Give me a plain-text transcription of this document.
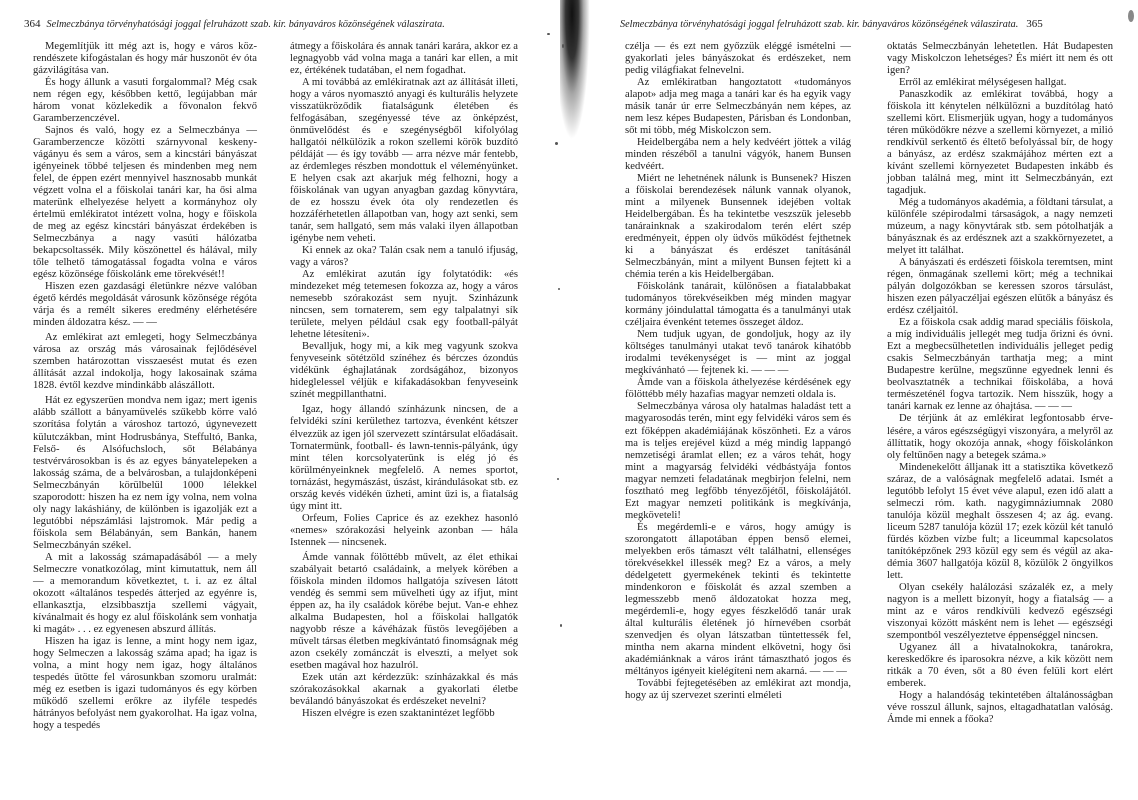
364 Selmeczbánya törvényhatósági joggal felruházott szab. kir. bányaváros közönségének válasziratа.

Megemlítjük itt még azt is, hogy e város közrendészete kifogástalan és hogy már huszonöt év óta gázvilágítása van.

És hogy állunk a vasuti forgalommal? Még csak nem régen egy, későbben kettő, legújabban már három vonat közlekedik a fővonalon fekvő Garamberzenczével.

Sajnos és való, hogy ez a Selmeczbánya — Garamberzencze közötti szárnyvonal keskenyvágányu és sem a város, sem a kincstári bányászat igényeinek többé teljesen és mindenben meg nem felel, de éppen ezért mennyivel hasznosabb munkát végzett volna el a főiskolai tanári kar, ha ősi alma materünk elhelyezése helyett a kormányhoz oly értelmü emlékiratot intézett volna, hogy e főiskola de meg az egész kincstári bányászat érdekében is Selmeczbánya a nagy vasúti hálózatba bekapcsoltassék. Mily köszönettel és hálával, mily tőle telhető támogatással fogadta volna e város egész közönsége főiskolánk eme törekvését!!

Hiszen ezen gazdasági életünkre nézve valóban égető kérdés megoldását városunk közönsége régóta várja és a remélt sikeres eredmény elérhetésére minden áldozatra kész. — —

Az emlékirat azt emlegeti, hogy Selmeczbánya városa az ország más városainak fejlődésével szemben határozottan visszaesést mutat és ezen állítását azzal indokolja, hogy lakosainak száma 1828. évtől kezdve mindinkább alászállott.

Hát ez egyszerüen mondva nem igaz; mert igenis alább szállott a bányamüvelés szűkebb körre való szorítása folytán a városhoz tartozó, úgynevezett külutczákban, mint Hodrusbánya, Steffultó, Banka, Felső- és Alsófuchsloch, sőt Bélabánya testvérvárosokban is és az egyes bányatelepeken a lakosság száma, de a belvárosban, a tulajdonképeni Selmeczbányán körülbelül 1000 lélekkel szaporodott: hiszen ha ez nem így volna, nem volna oly nagy lakáshiány, de különben is igazolják ezt a legutóbbi népszámlási lajstromok. Már pedig a főiskola sem Bélabányán, sem Bankán, hanem Selmeczbányán székel.

A mit a lakosság számapadásából — a mely Selmeczre vonatkozólag, mint kimutattuk, nem áll — a memorandum következtet, t. i. az ez által okozott «általános tespedés átterjed az egyénre is, ellankasztja, elzsibbasztja szellemi vágyait, kívánalmait és hogy ez alul főiskolánk sem vonhatja ki magát» . . . ez egyenesen abszurd állítás.

Hiszen ha igaz is lenne, a mint hogy nem igaz, hogy Selmeczen a lakosság száma apad; ha igaz is volna, a mint hogy nem igaz, hogy általános tespedés ütötte fel városunkban szomoru uralmát: még ez esetben is igazi tudományos és egy körben működő szellemi erőkre az ilyféle tespedés hátrányos befolyást nem gyakorolhat. Ha igaz volna, hogy a tespedés

átmegy a főiskolára és annak tanári karára, akkor ez a legnagyobb vád volna maga a tanári kar ellen, a mit ez, értékének tudatában, el nem fogadhat.

A mi továbbá az emlékiratnak azt az állítását illeti, hogy a város nyomasztó anyagi és kulturális helyzete visszatükröződik fiatalságunk életében és felfogásában, szegényessé téve az önképzést, önművelődést és e szegénységből kifolyólag hallgatói nélkülözik a rokon szellemi körök buzdító példáját — és így tovább — arra nézve már fentebb, az érdemleges részben mondottuk el véleményünket. E helyen csak azt akarjuk még felhozni, hogy a főiskolának van ugyan anyagban gazdag könyvtára, de ez hosszu évek óta oly rendezetlen és hozzáférhetetlen állapotban van, hogy azt senki, sem tanár, sem hallgató, sem más valaki ilyen állapotban igénybe nem veheti.

Ki ennek az oka? Talán csak nem a tanuló ifjuság, vagy a város?

Az emlékirat azután így folytatódik: «és mindezeket még tetemesen fokozza az, hogy a város nemesebb szórakozást sem nyujt. Szinházunk nincsen, sem tornaterem, sem egy talpalatnyi sík területe, melyen például csak egy football-pályát lehetne létesíteni».

Bevalljuk, hogy mi, a kik meg vagyunk szokva fenyveseink sötétzöld színéhez és bérczes ózondús vidékünk éghajlatának zordságához, bizonyos hideglelessel véljük e kifakadásokban fenyveseink színét megpillanthatni.

Igaz, hogy állandó színházunk nincsen, de a felvidéki színi kerülethez tartozva, évenként kétszer élvezzük az igen jól szervezett színtársulat előadásait. Tornatermünk, football- és lawn-tennis-pályánk, úgy mint télen korcsolyaterünk is elég jó és körülményeinknek megfelelő. A nemes sportot, tornázást, hegymászást, úszást, kirándulásokat stb. ez ország kevés vidékén űzheti, amint űzi is, a fiatalság úgy mint itt.

Orfeum, Folies Caprice és az ezekhez hasonló «nemes» szórakozási helyeink azonban — hála Istennek — nincsenek.

Ámde vannak fölöttébb művelt, az élet ethikai szabályait betartó családaink, a melyek körében a főiskola minden ildomos hallgatója szívesen látott vendég és semmi sem művelheti úgy az ifjut, mint éppen az, ha ily családok körébe bejut. Van-e ehhez alkalma Budapesten, hol a főiskolai hallgatók nagyobb része a kávéházak füstös levegőjében a művelt társas életben megkívántató finomságnak még azon csekély zománczát is elveszti, a melyet sok esetben magával hoz hazulról.

Ezek után azt kérdezzük: színházakkal és más szórakozásokkal akarnak a gyakorlati életbe beválandó bányászokat és erdészeket nevelni?

Hiszen elvégre is ezen szaktanintézet legfőbb

Selmeczbánya törvényhatósági joggal felruházott szab. kir. bányaváros közönségének válasziratа. 365

czélja — és ezt nem győzzük eléggé ismételni — gyakorlati jeles bányászokat és erdészeket, nem pedig világfiakat felnevelni.

Az emlékiratban hangoztatott «tudományos alapot» adja meg maga a tanári kar és ha egyik vagy másik tanár úr erre Selmeczbányán nem képes, az nem lesz képes Budapesten, Párisban és Londonban, sőt mi több, még Miskolczon sem.

Heidelbergába nem a hely kedvéért jöttek a világ minden részéből a tanulni vágyók, hanem Bunsen kedvéért.

Miért ne lehetnének nálunk is Bunsenek? Hiszen a főiskolai berendezések nálunk vannak olyanok, mint a milyenek Bunsennek idejében voltak Heidelbergában. És ha tekintetbe veszszük jelesebb tanárainknak a szakirodalom terén elért szép eredményeit, éppen oly üdvös működést fejthetnek ki a bányászat és erdészet tanításánál Selmeczbányán, mint a milyent Bunsen fejtett ki a chémia terén a kis Heidelbergában.

Főiskolánk tanárait, különösen a fiatalabbakat tudományos törekvéseikben még minden magyar kormány jóindulattal támogatta és a tanulmányi utak czéljaira évenként tetemes összeget áldoz.

Nem tudjuk ugyan, de gondoljuk, hogy az ily költséges tanulmányi utakat tevő tanárok kihatóbb irodalmi tevékenységet is — mint az joggal megkívánható — fejtenek ki. — — —

Ámde van a főiskola áthelyezése kérdésének egy fölöttébb mély hazafias magyar nemzeti oldala is.

Selmeczbánya városa oly hatalmas haladást tett a magyarosodás terén, mint egy felvidéki város sem és ezt főképpen akadémiájának köszönheti. Ez a város ma is teljes erejével küzd a még mindig lappangó nemzetiségi áramlat ellen; ez a város tehát, hogy mint a magyarság felvidéki védbástyája fontos magyar nemzeti feladatának megbirjon felelni, nem fosztható meg legfőbb tényezőjétől, főiskolájától. Ezt magyar nemzeti politikánk is megkívánja, megköveteli!

És megérdemli-e e város, hogy amúgy is szorongatott állapotában éppen benső elemei, melyekben erős támaszt vélt találhatni, ellenséges törekvésekkel illessék meg? Ez a város, a mely dédelgetett gyermekének tekinti és tekintette mindenkoron e főiskolát és azzal szemben a legmesszebb menő áldozatokat hozza meg, megérdemli-e, hogy egyes fészkelődő tanár urak által kulturális életének jó hírnevében csorbát szenvedjen és olyan látszatban tüntettessék fel, mintha nem akarna mindent elkövetni, hogy ősi akadémiánknak a város iránt támasztható jogos és méltányos igényeit kielégíteni nem akarná. — — —

További fejtegetésében az emlékirat azt mondja, hogy az új szervezet szerinti elméleti

oktatás Selmeczbányán lehetetlen. Hát Budapesten vagy Miskolczon lehetséges? És miért itt nem és ott igen?

Erről az emlékirat mélységesen hallgat.

Panaszkodik az emlékirat továbbá, hogy a főiskola itt kénytelen nélkülözni a buzdítólag ható szellemi kört. Elismerjük ugyan, hogy a tudományos téren működőkre nézve a szellemi környezet, a milió rendkívül serkentő és éltető befolyással bír, de hogy a bányász, az erdész szakmájához mérten ezt a kívánt szellemi környezetet Budapesten inkább és jobban találná meg, mint itt Selmeczbányán, ezt tagadjuk.

Még a tudományos akadémia, a földtani társulat, a különféle szépirodalmi társaságok, a nagy nemzeti múzeum, a nagy könyvtárak stb. sem pótolhatják a bányásznak és az erdésznek azt a szakkörnyezetet, a melyet itt találhat.

A bányászati és erdészeti főiskola teremtsen, mint régen, önmagának szellemi kört; még a technikai pályán dolgozókban se keressen szoros társulást, hiszen ezen pályaczéljai egészen elütők a bányász és erdész czéljaitól.

Ez a főiskola csak addig marad speciális főiskola, a míg individuális jellegét meg tudja őrizni és óvni. Ezt a megbecsülhetetlen individuális jelleget pedig csakis Selmeczbányán tarthatja meg; a mint Budapestre kerülne, megszűnne egyednek lenni és beolvasztatnék a technikai főiskolába, a hová természeténél fogva tartozik. Nem hisszük, hogy a tanári karnak ez lenne az óhajtása. — — —

De térjünk át az emlékirat legfontosabb érvelésére, a város egészségügyi viszonyára, a melyről az állíttatik, hogy okozója annak, «hogy főiskolánkon oly feltűnően nagy a betegek száma.»

Mindenekelőtt álljanak itt a statisztika következő száraz, de a valóságnak megfelelő adatai. Ismét a legutóbb lefolyt 15 évet véve alapul, ezen idő alatt a selmeczi róm. kath. nagygimnáziumnak 2080 tanulója közül meghalt összesen 4; az ág. evang. liceum 5287 tanulója közül 17; ezek közül két tanuló fürdés közben vízbe fult; a liceummal kapcsolatos tanítóképzőnek 293 közül egy sem és végül az akadémia 3607 hallgatója közül 8, közülök 2 öngyilkos lett.

Olyan csekély halálozási százalék ez, a mely nagyon is a mellett bizonyít, hogy a fiatalság — a mint az e város rendkívüli kedvező egészségi viszonyai között másként nem is lehet — egészségi szempontból veszélyeztetve éppenséggel nincsen.

Ugyanez áll a hivatalnokokra, tanárokra, kereskedőkre és iparosokra nézve, a kik között nem ritkák a 70 éven, sőt a 80 éven felüli kort elért emberek.

Hogy a halandóság tekintetében általánosságban véve rosszul állunk, sajnos, eltagadhatatlan valóság. Ámde mi ennek a főoka?
